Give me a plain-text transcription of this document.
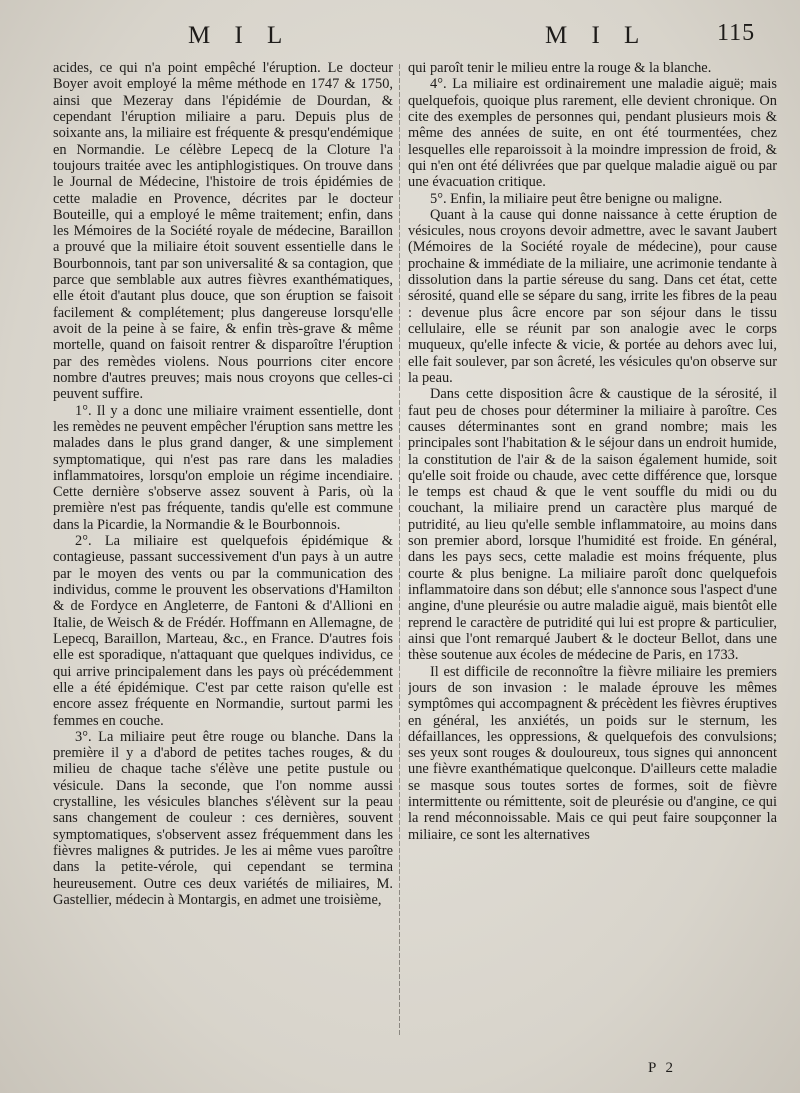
M I L	M I L	115

acides, ce qui n'a point empêché l'éruption. Le docteur Boyer avoit employé la même méthode en 1747 & 1750, ainsi que Mezeray dans l'épidémie de Dourdan, & cependant l'éruption miliaire a paru. Depuis plus de soixante ans, la miliaire est fréquente & presqu'endémique en Normandie. Le célèbre Lepecq de la Cloture l'a toujours traitée avec les antiphlogistiques. On trouve dans le Journal de Médecine, l'histoire de trois épidémies de cette maladie en Provence, décrites par le docteur Bouteille, qui a employé le même traitement; enfin, dans les Mémoires de la Société royale de médecine, Baraillon a prouvé que la miliaire étoit souvent essentielle dans le Bourbonnois, tant par son universalité & sa contagion, que parce que semblable aux autres fièvres exanthématiques, elle étoit d'autant plus douce, que son éruption se faisoit facilement & complétement; plus dangereuse lorsqu'elle avoit de la peine à se faire, & enfin très-grave & même mortelle, quand on faisoit rentrer & disparoître l'éruption par des remèdes violens. Nous pourrions citer encore nombre d'autres preuves; mais nous croyons que celles-ci peuvent suffire.

1°. Il y a donc une miliaire vraiment essentielle, dont les remèdes ne peuvent empêcher l'éruption sans mettre les malades dans le plus grand danger, & une simplement symptomatique, qui n'est pas rare dans les maladies inflammatoires, lorsqu'on emploie un régime incendiaire. Cette dernière s'observe assez souvent à Paris, où la première n'est pas fréquente, tandis qu'elle est commune dans la Picardie, la Normandie & le Bourbonnois.

2°. La miliaire est quelquefois épidémique & contagieuse, passant successivement d'un pays à un autre par le moyen des vents ou par la communication des individus, comme le prouvent les observations d'Hamilton & de Fordyce en Angleterre, de Fantoni & d'Allioni en Italie, de Weisch & de Frédér. Hoffmann en Allemagne, de Lepecq, Baraillon, Marteau, &c., en France. D'autres fois elle est sporadique, n'attaquant que quelques individus, ce qui arrive principalement dans les pays où précédemment elle a été épidémique. C'est par cette raison qu'elle est encore assez fréquente en Normandie, surtout parmi les femmes en couche.

3°. La miliaire peut être rouge ou blanche. Dans la première il y a d'abord de petites taches rouges, & du milieu de chaque tache s'élève une petite pustule ou vésicule. Dans la seconde, que l'on nomme aussi crystalline, les vésicules blanches s'élèvent sur la peau sans changement de couleur : ces dernières, souvent symptomatiques, s'observent assez fréquemment dans les fièvres malignes & putrides. Je les ai même vues paroître dans la petite-vérole, qui cependant se termina heureusement. Outre ces deux variétés de miliaires, M. Gastellier, médecin à Montargis, en admet une troisième,

qui paroît tenir le milieu entre la rouge & la blanche.

4°. La miliaire est ordinairement une maladie aiguë; mais quelquefois, quoique plus rarement, elle devient chronique. On cite des exemples de personnes qui, pendant plusieurs mois & même des années de suite, en ont été tourmentées, chez lesquelles elle reparoissoit à la moindre impression de froid, & qui n'en ont été délivrées que par quelque maladie aiguë ou par une évacuation critique.

5°. Enfin, la miliaire peut être benigne ou maligne.

Quant à la cause qui donne naissance à cette éruption de vésicules, nous croyons devoir admettre, avec le savant Jaubert (Mémoires de la Société royale de médecine), pour cause prochaine & immédiate de la miliaire, une acrimonie tendante à dissolution dans la partie séreuse du sang. Dans cet état, cette sérosité, quand elle se sépare du sang, irrite les fibres de la peau : devenue plus âcre encore par son séjour dans le tissu cellulaire, elle se réunit par son analogie avec le corps muqueux, qu'elle infecte & vicie, & portée au dehors avec lui, elle fait soulever, par son âcreté, les vésicules qu'on observe sur la peau.

Dans cette disposition âcre & caustique de la sérosité, il faut peu de choses pour déterminer la miliaire à paroître. Ces causes déterminantes sont en grand nombre; mais les principales sont l'habitation & le séjour dans un endroit humide, la constitution de l'air & de la saison également humide, soit qu'elle soit froide ou chaude, avec cette différence que, lorsque le temps est chaud & que le vent souffle du midi ou du couchant, la miliaire prend un caractère plus marqué de putridité, au lieu qu'elle semble inflammatoire, au moins dans son premier abord, lorsque l'humidité est froide. En général, dans les pays secs, cette maladie est moins fréquente, plus courte & plus benigne. La miliaire paroît donc quelquefois inflammatoire dans son début; elle s'annonce sous l'aspect d'une angine, d'une pleurésie ou autre maladie aiguë, mais bientôt elle reprend le caractère de putridité qui lui est propre & particulier, ainsi que l'ont remarqué Jaubert & le docteur Bellot, dans une thèse soutenue aux écoles de médecine de Paris, en 1733.

Il est difficile de reconnoître la fièvre miliaire les premiers jours de son invasion : le malade éprouve les mêmes symptômes qui accompagnent & précèdent les fièvres éruptives en général, les anxiétés, un poids sur le sternum, les défaillances, les oppressions, & quelquefois des convulsions; ses yeux sont rouges & douloureux, tous signes qui annoncent une fièvre exanthématique quelconque. D'ailleurs cette maladie se masque sous toutes sortes de formes, soit de fièvre intermittente ou rémittente, soit de pleurésie ou d'angine, ce qui la rend méconnoissable. Mais ce qui peut faire soupçonner la miliaire, ce sont les alternatives

P 2
